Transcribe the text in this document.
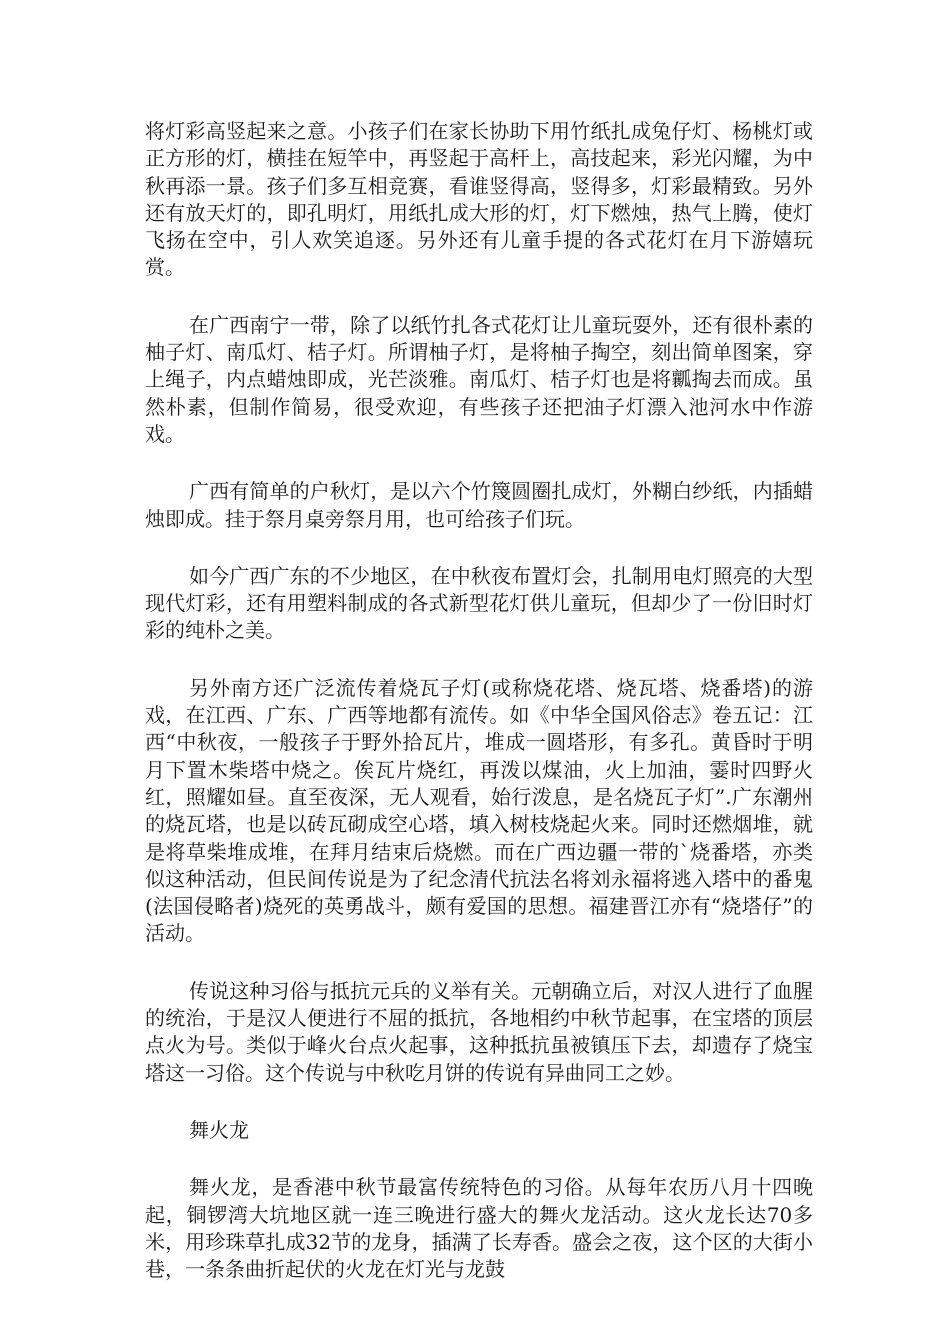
将灯彩高竖起来之意。小孩子们在家长协助下用竹纸扎成兔仔灯、杨桃灯或正方形的灯，横挂在短竿中，再竖起于高杆上，高技起来，彩光闪耀，为中秋再添一景。孩子们多互相竞赛，看谁竖得高，竖得多，灯彩最精致。另外还有放天灯的，即孔明灯，用纸扎成大形的灯，灯下燃烛，热气上腾，使灯飞扬在空中，引人欢笑追逐。另外还有儿童手提的各式花灯在月下游嬉玩赏。

在广西南宁一带，除了以纸竹扎各式花灯让儿童玩耍外，还有很朴素的柚子灯、南瓜灯、桔子灯。所谓柚子灯，是将柚子掏空，刻出简单图案，穿上绳子，内点蜡烛即成，光芒淡雅。南瓜灯、桔子灯也是将瓤掏去而成。虽然朴素，但制作简易，很受欢迎，有些孩子还把油子灯漂入池河水中作游戏。

广西有简单的户秋灯，是以六个竹篾圆圈扎成灯，外糊白纱纸，内插蜡烛即成。挂于祭月桌旁祭月用，也可给孩子们玩。

如今广西广东的不少地区，在中秋夜布置灯会，扎制用电灯照亮的大型现代灯彩，还有用塑料制成的各式新型花灯供儿童玩，但却少了一份旧时灯彩的纯朴之美。

另外南方还广泛流传着烧瓦子灯(或称烧花塔、烧瓦塔、烧番塔)的游戏，在江西、广东、广西等地都有流传。如《中华全国风俗志》卷五记：江西“中秋夜，一般孩子于野外拾瓦片，堆成一圆塔形，有多孔。黄昏时于明月下置木柴塔中烧之。俟瓦片烧红，再泼以煤油，火上加油，霎时四野火红，照耀如昼。直至夜深，无人观看，始行泼息，是名烧瓦子灯”.广东潮州的烧瓦塔，也是以砖瓦砌成空心塔，填入树枝烧起火来。同时还燃烟堆，就是将草柴堆成堆，在拜月结束后烧燃。而在广西边疆一带的`烧番塔，亦类似这种活动，但民间传说是为了纪念清代抗法名将刘永福将逃入塔中的番鬼(法国侵略者)烧死的英勇战斗，颇有爱国的思想。福建晋江亦有“烧塔仔”的活动。

传说这种习俗与抵抗元兵的义举有关。元朝确立后，对汉人进行了血腥的统治，于是汉人便进行不屈的抵抗，各地相约中秋节起事，在宝塔的顶层点火为号。类似于峰火台点火起事，这种抵抗虽被镇压下去，却遗存了烧宝塔这一习俗。这个传说与中秋吃月饼的传说有异曲同工之妙。

舞火龙

舞火龙，是香港中秋节最富传统特色的习俗。从每年农历八月十四晚起，铜锣湾大坑地区就一连三晚进行盛大的舞火龙活动。这火龙长达70多米，用珍珠草扎成32节的龙身，插满了长寿香。盛会之夜，这个区的大街小巷，一条条曲折起伏的火龙在灯光与龙鼓
